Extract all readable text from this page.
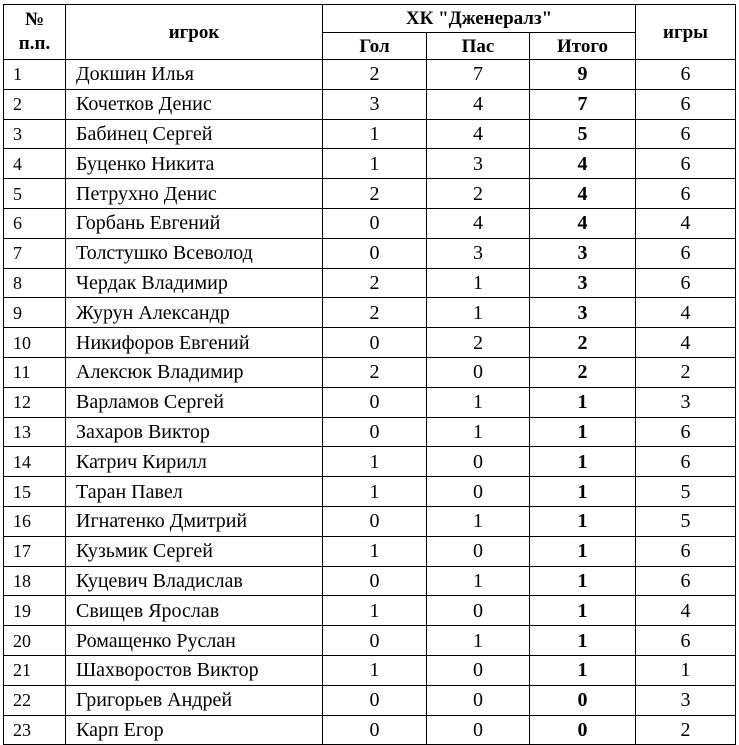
№
п.п.	игрок	ХК "Дженералз"			игры
		Гол	Пас	Итого	
1	Докшин Илья	2	7	9	6
2	Кочетков Денис	3	4	7	6
3	Бабинец Сергей	1	4	5	6
4	Буценко Никита	1	3	4	6
5	Петрухно Денис	2	2	4	6
6	Горбань Евгений	0	4	4	4
7	Толстушко Всеволод	0	3	3	6
8	Чердак Владимир	2	1	3	6
9	Журун Александр	2	1	3	4
10	Никифоров Евгений	0	2	2	4
11	Алексюк Владимир	2	0	2	2
12	Варламов Сергей	0	1	1	3
13	Захаров Виктор	0	1	1	6
14	Катрич Кирилл	1	0	1	6
15	Таран Павел	1	0	1	5
16	Игнатенко Дмитрий	0	1	1	5
17	Кузьмик Сергей	1	0	1	6
18	Куцевич Владислав	0	1	1	6
19	Свищев Ярослав	1	0	1	4
20	Ромащенко Руслан	0	1	1	6
21	Шахворостов Виктор	1	0	1	1
22	Григорьев Андрей	0	0	0	3
23	Карп Егор	0	0	0	2
